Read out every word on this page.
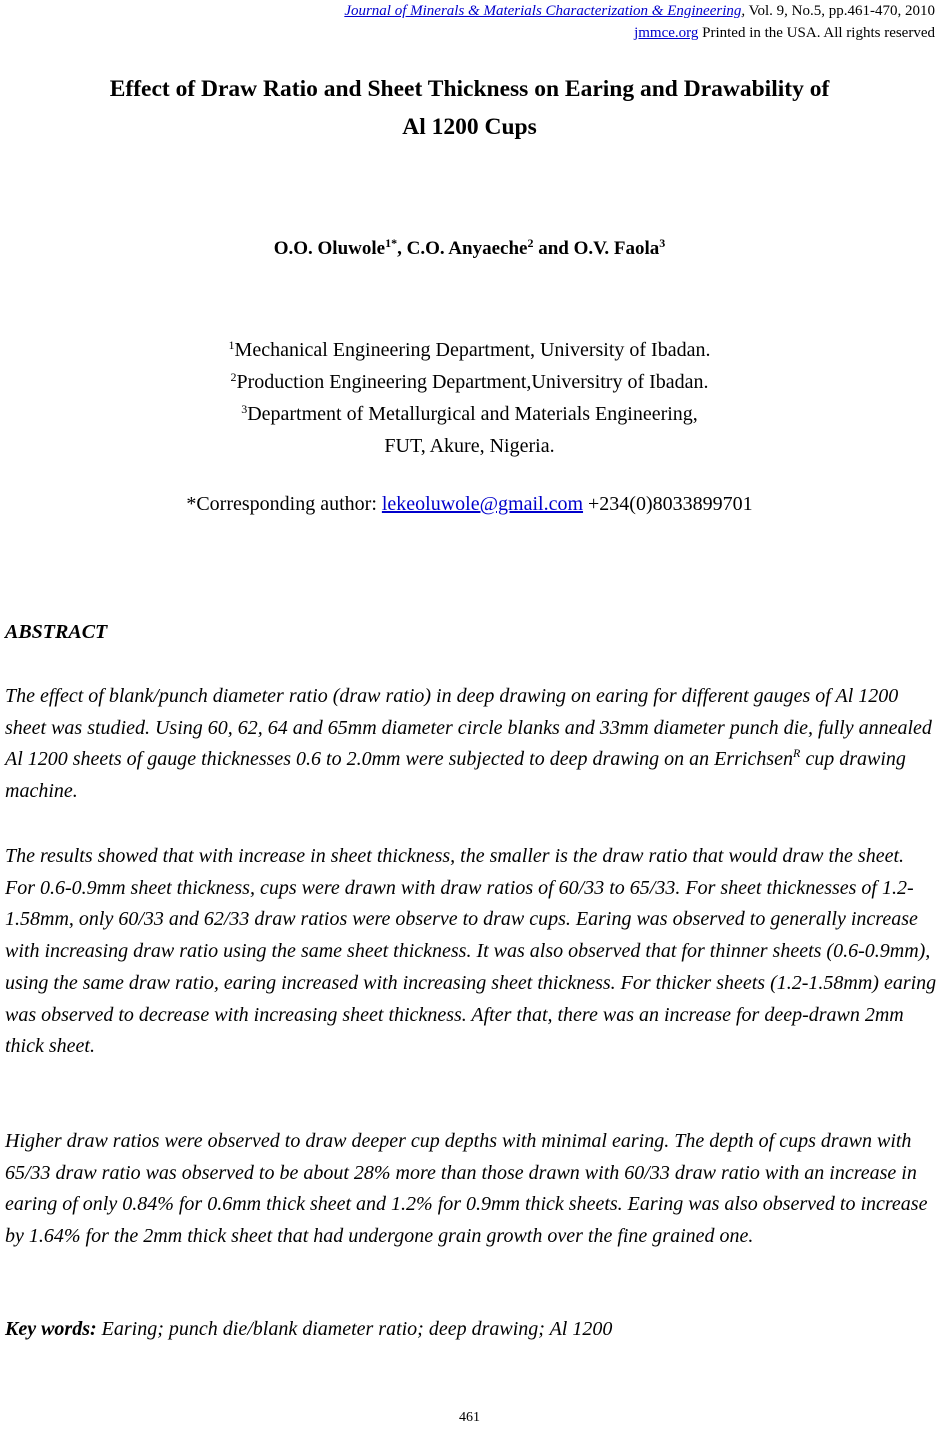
Journal of Minerals & Materials Characterization & Engineering, Vol. 9, No.5, pp.461-470, 2010
jmmce.org Printed in the USA. All rights reserved
Effect of Draw Ratio and Sheet Thickness on Earing and Drawability of
Al 1200 Cups
O.O. Oluwole$^{1*}$, C.O. Anyaeche$^2$ and O.V. Faola$^3$
$^1$Mechanical Engineering Department, University of Ibadan.
$^2$Production Engineering Department,Universitry of Ibadan.
$^3$Department of Metallurgical and Materials Engineering,
FUT, Akure, Nigeria.
*Corresponding author: lekeoluwole@gmail.com +234(0)8033899701
ABSTRACT

The effect of blank/punch diameter ratio (draw ratio) in deep drawing on earing for different gauges of Al 1200 sheet was studied. Using 60, 62, 64 and 65mm diameter circle blanks and 33mm diameter punch die, fully annealed Al 1200 sheets of gauge thicknesses 0.6 to 2.0mm were subjected to deep drawing on an Errichsen$^R$ cup drawing machine.

The results showed that with increase in sheet thickness, the smaller is the draw ratio that would draw the sheet. For 0.6-0.9mm sheet thickness, cups were drawn with draw ratios of 60/33 to 65/33. For sheet thicknesses of 1.2-1.58mm, only 60/33 and 62/33 draw ratios were observe to draw cups. Earing was observed to generally increase with increasing draw ratio using the same sheet thickness. It was also observed that for thinner sheets (0.6-0.9mm), using the same draw ratio, earing increased with increasing sheet thickness. For thicker sheets (1.2-1.58mm) earing was observed to decrease with increasing sheet thickness. After that, there was an increase for deep-drawn 2mm thick sheet.

Higher draw ratios were observed to draw deeper cup depths with minimal earing. The depth of cups drawn with 65/33 draw ratio was observed to be about 28% more than those drawn with 60/33 draw ratio with an increase in earing of only 0.84% for 0.6mm thick sheet and 1.2% for 0.9mm thick sheets. Earing was also observed to increase by 1.64% for the 2mm thick sheet that had undergone grain growth over the fine grained one.

Key words: Earing; punch die/blank diameter ratio; deep drawing; Al 1200
461
